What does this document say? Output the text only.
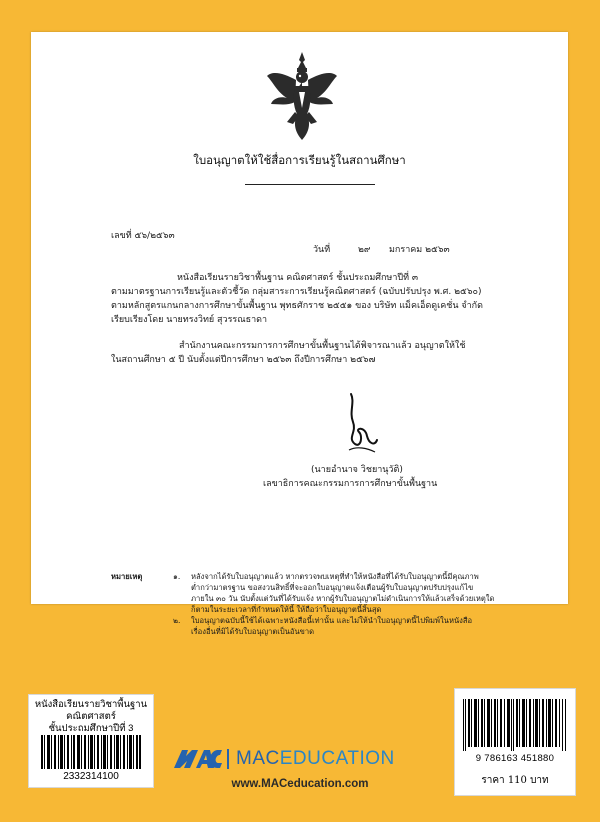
ใบอนุญาตให้ใช้สื่อการเรียนรู้ในสถานศึกษา
เลขที่ ๕๖/๒๕๖๓
วันที่	๒๙ มกราคม ๒๕๖๓
หนังสือเรียนรายวิชาพื้นฐาน คณิตศาสตร์ ชั้นประถมศึกษาปีที่ ๓
ตามมาตรฐานการเรียนรู้และตัวชี้วัด กลุ่มสาระการเรียนรู้คณิตศาสตร์ (ฉบับปรับปรุง พ.ศ. ๒๕๖๐)
ตามหลักสูตรแกนกลางการศึกษาขั้นพื้นฐาน พุทธศักราช ๒๕๕๑ ของ บริษัท แม็คเอ็ดดูเคชั่น จำกัด
เรียบเรียงโดย นายทรงวิทย์ สุวรรณธาดา
สำนักงานคณะกรรมการการศึกษาขั้นพื้นฐานได้พิจารณาแล้ว อนุญาตให้ใช้
ในสถานศึกษา ๕ ปี นับตั้งแต่ปีการศึกษา ๒๕๖๓ ถึงปีการศึกษา ๒๕๖๗
(นายอำนาจ วิชยานุวัติ)
เลขาธิการคณะกรรมการการศึกษาขั้นพื้นฐาน
หมายเหตุ	๑. หลังจากได้รับใบอนุญาตแล้ว หากตรวจพบเหตุที่ทำให้หนังสือที่ได้รับใบอนุญาตนี้มีคุณภาพ
ต่ำกว่ามาตรฐาน ขอสงวนสิทธิ์ที่จะออกใบอนุญาตแจ้งเตือนผู้รับใบอนุญาตปรับปรุงแก้ไข
ภายใน ๓๐ วัน นับตั้งแต่วันที่ได้รับแจ้ง หากผู้รับใบอนุญาตไม่ดำเนินการให้แล้วเสร็จด้วยเหตุใด
ก็ตามในระยะเวลาที่กำหนดให้นี้ ให้ถือว่าใบอนุญาตนี้สิ้นสุด
๒. ใบอนุญาตฉบับนี้ใช้ได้เฉพาะหนังสือนี้เท่านั้น และไม่ให้นำใบอนุญาตนี้ไปพิมพ์ในหนังสือ
เรื่องอื่นที่มิได้รับใบอนุญาตเป็นอันขาด
หนังสือเรียนรายวิชาพื้นฐาน
คณิตศาสตร์
ชั้นประถมศึกษาปีที่ 3
2332314100
MACEDUCATION
www.MACeducation.com
9 786163 451880
ราคา 110 บาท
